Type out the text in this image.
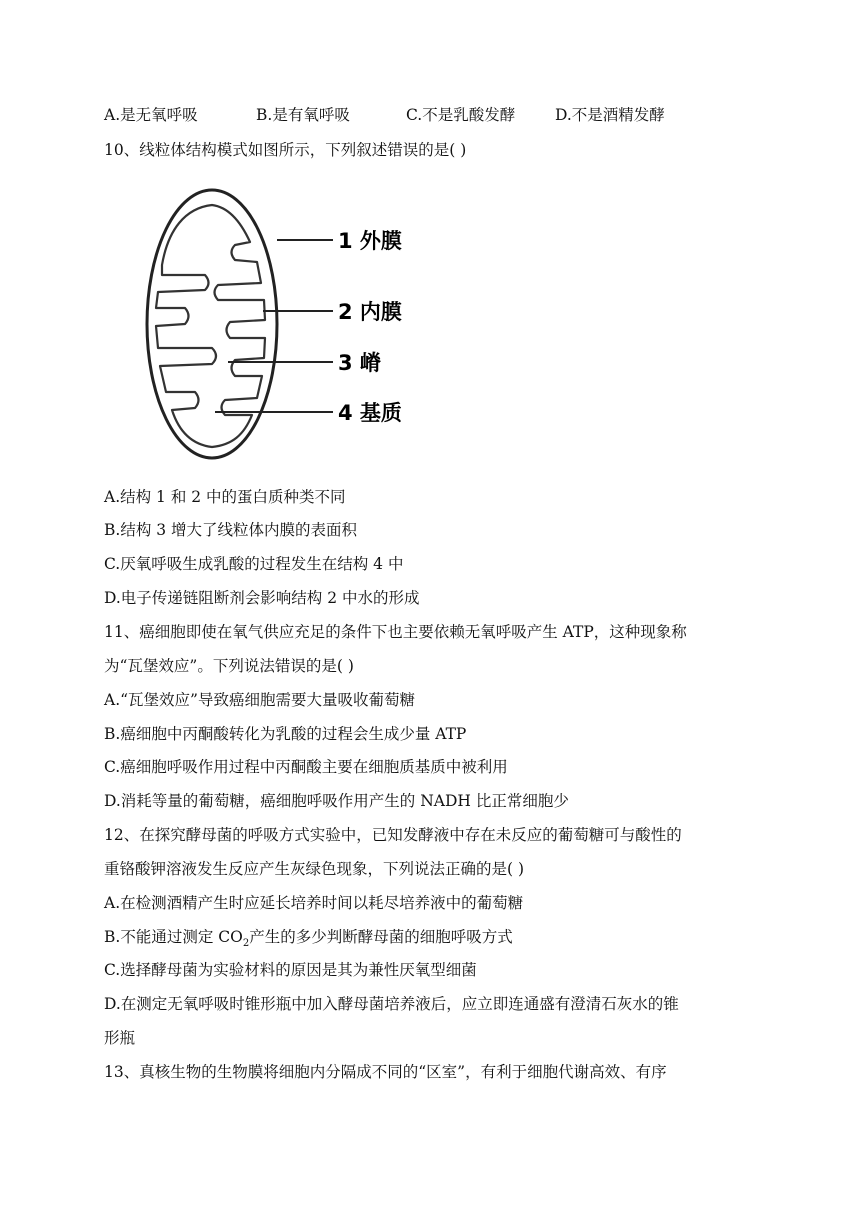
A.是无氧呼吸	B.是有氧呼吸	C.不是乳酸发酵	D.不是酒精发酵
10、线粒体结构模式如图所示，下列叙述错误的是( )
1 外膜
2 内膜
3 嵴
4 基质
A.结构 1 和 2 中的蛋白质种类不同
B.结构 3 增大了线粒体内膜的表面积
C.厌氧呼吸生成乳酸的过程发生在结构 4 中
D.电子传递链阻断剂会影响结构 2 中水的形成
11、癌细胞即使在氧气供应充足的条件下也主要依赖无氧呼吸产生 ATP，这种现象称
为“瓦堡效应”。下列说法错误的是( )
A.“瓦堡效应”导致癌细胞需要大量吸收葡萄糖
B.癌细胞中丙酮酸转化为乳酸的过程会生成少量 ATP
C.癌细胞呼吸作用过程中丙酮酸主要在细胞质基质中被利用
D.消耗等量的葡萄糖，癌细胞呼吸作用产生的 NADH 比正常细胞少
12、在探究酵母菌的呼吸方式实验中，已知发酵液中存在未反应的葡萄糖可与酸性的
重铬酸钾溶液发生反应产生灰绿色现象，下列说法正确的是( )
A.在检测酒精产生时应延长培养时间以耗尽培养液中的葡萄糖
B.不能通过测定 $CO_2$产生的多少判断酵母菌的细胞呼吸方式
C.选择酵母菌为实验材料的原因是其为兼性厌氧型细菌
D.在测定无氧呼吸时锥形瓶中加入酵母菌培养液后，应立即连通盛有澄清石灰水的锥
形瓶
13、真核生物的生物膜将细胞内分隔成不同的“区室”，有利于细胞代谢高效、有序
